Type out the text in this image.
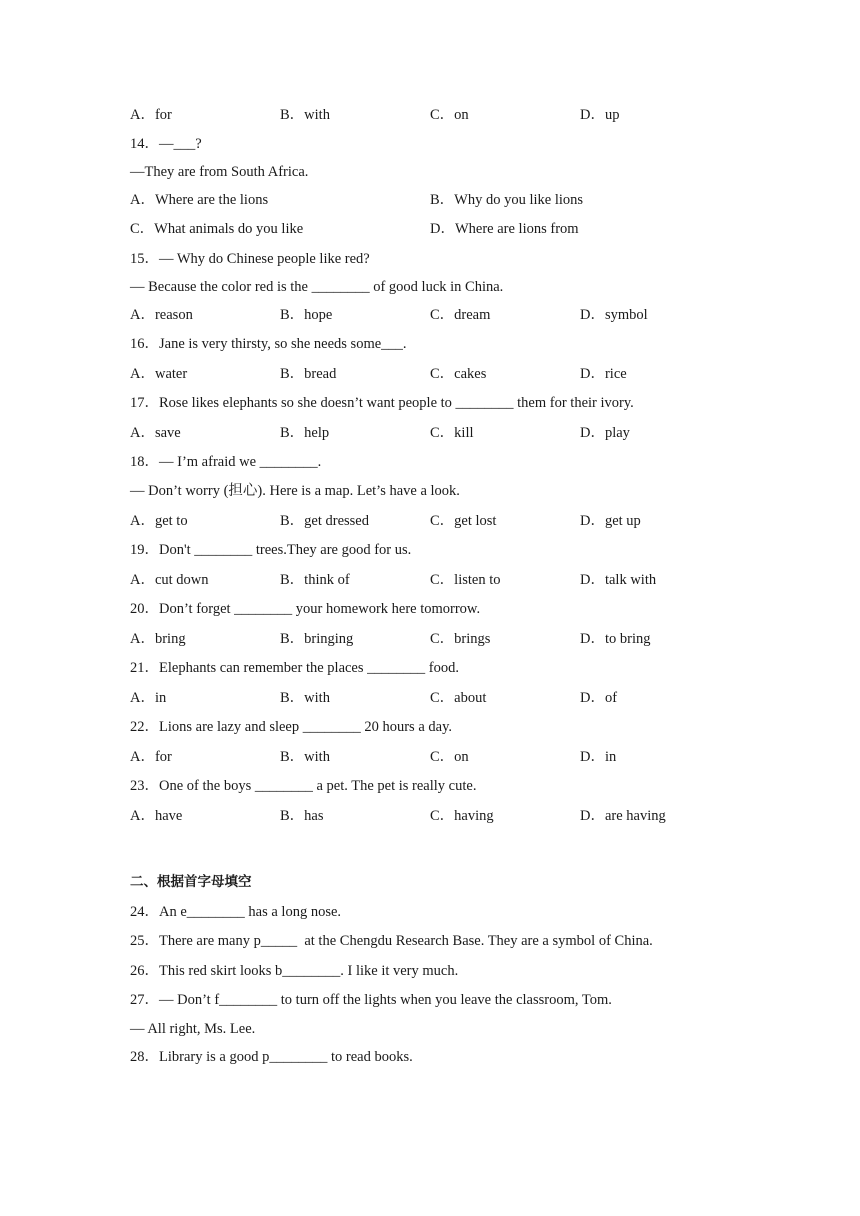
A．for	B．with	C．on	D．up
14．—___?
—They are from South Africa.
A．Where are the lions	B．Why do you like lions
C．What animals do you like	D．Where are lions from
15．— Why do Chinese people like red?
— Because the color red is the ________ of good luck in China.
A．reason	B．hope	C．dream	D．symbol
16．Jane is very thirsty, so she needs some___.
A．water	B．bread	C．cakes	D．rice
17．Rose likes elephants so she doesn’t want people to ________ them for their ivory.
A．save	B．help	C．kill	D．play
18．— I’m afraid we ________.
— Don’t worry (担心). Here is a map. Let’s have a look.
A．get to	B．get dressed	C．get lost	D．get up
19．Don't ________ trees.They are good for us.
A．cut down	B．think of	C．listen to	D．talk with
20．Don’t forget ________ your homework here tomorrow.
A．bring	B．bringing	C．brings	D．to bring
21．Elephants can remember the places ________ food.
A．in	B．with	C．about	D．of
22．Lions are lazy and sleep ________ 20 hours a day.
A．for	B．with	C．on	D．in
23．One of the boys ________ a pet. The pet is really cute.
A．have	B．has	C．having	D．are having
二、根据首字母填空
24．An e________ has a long nose.
25．There are many p_____  at the Chengdu Research Base. They are a symbol of China.
26．This red skirt looks b________. I like it very much.
27．— Don’t f________ to turn off the lights when you leave the classroom, Tom.
— All right, Ms. Lee.
28．Library is a good p________ to read books.
